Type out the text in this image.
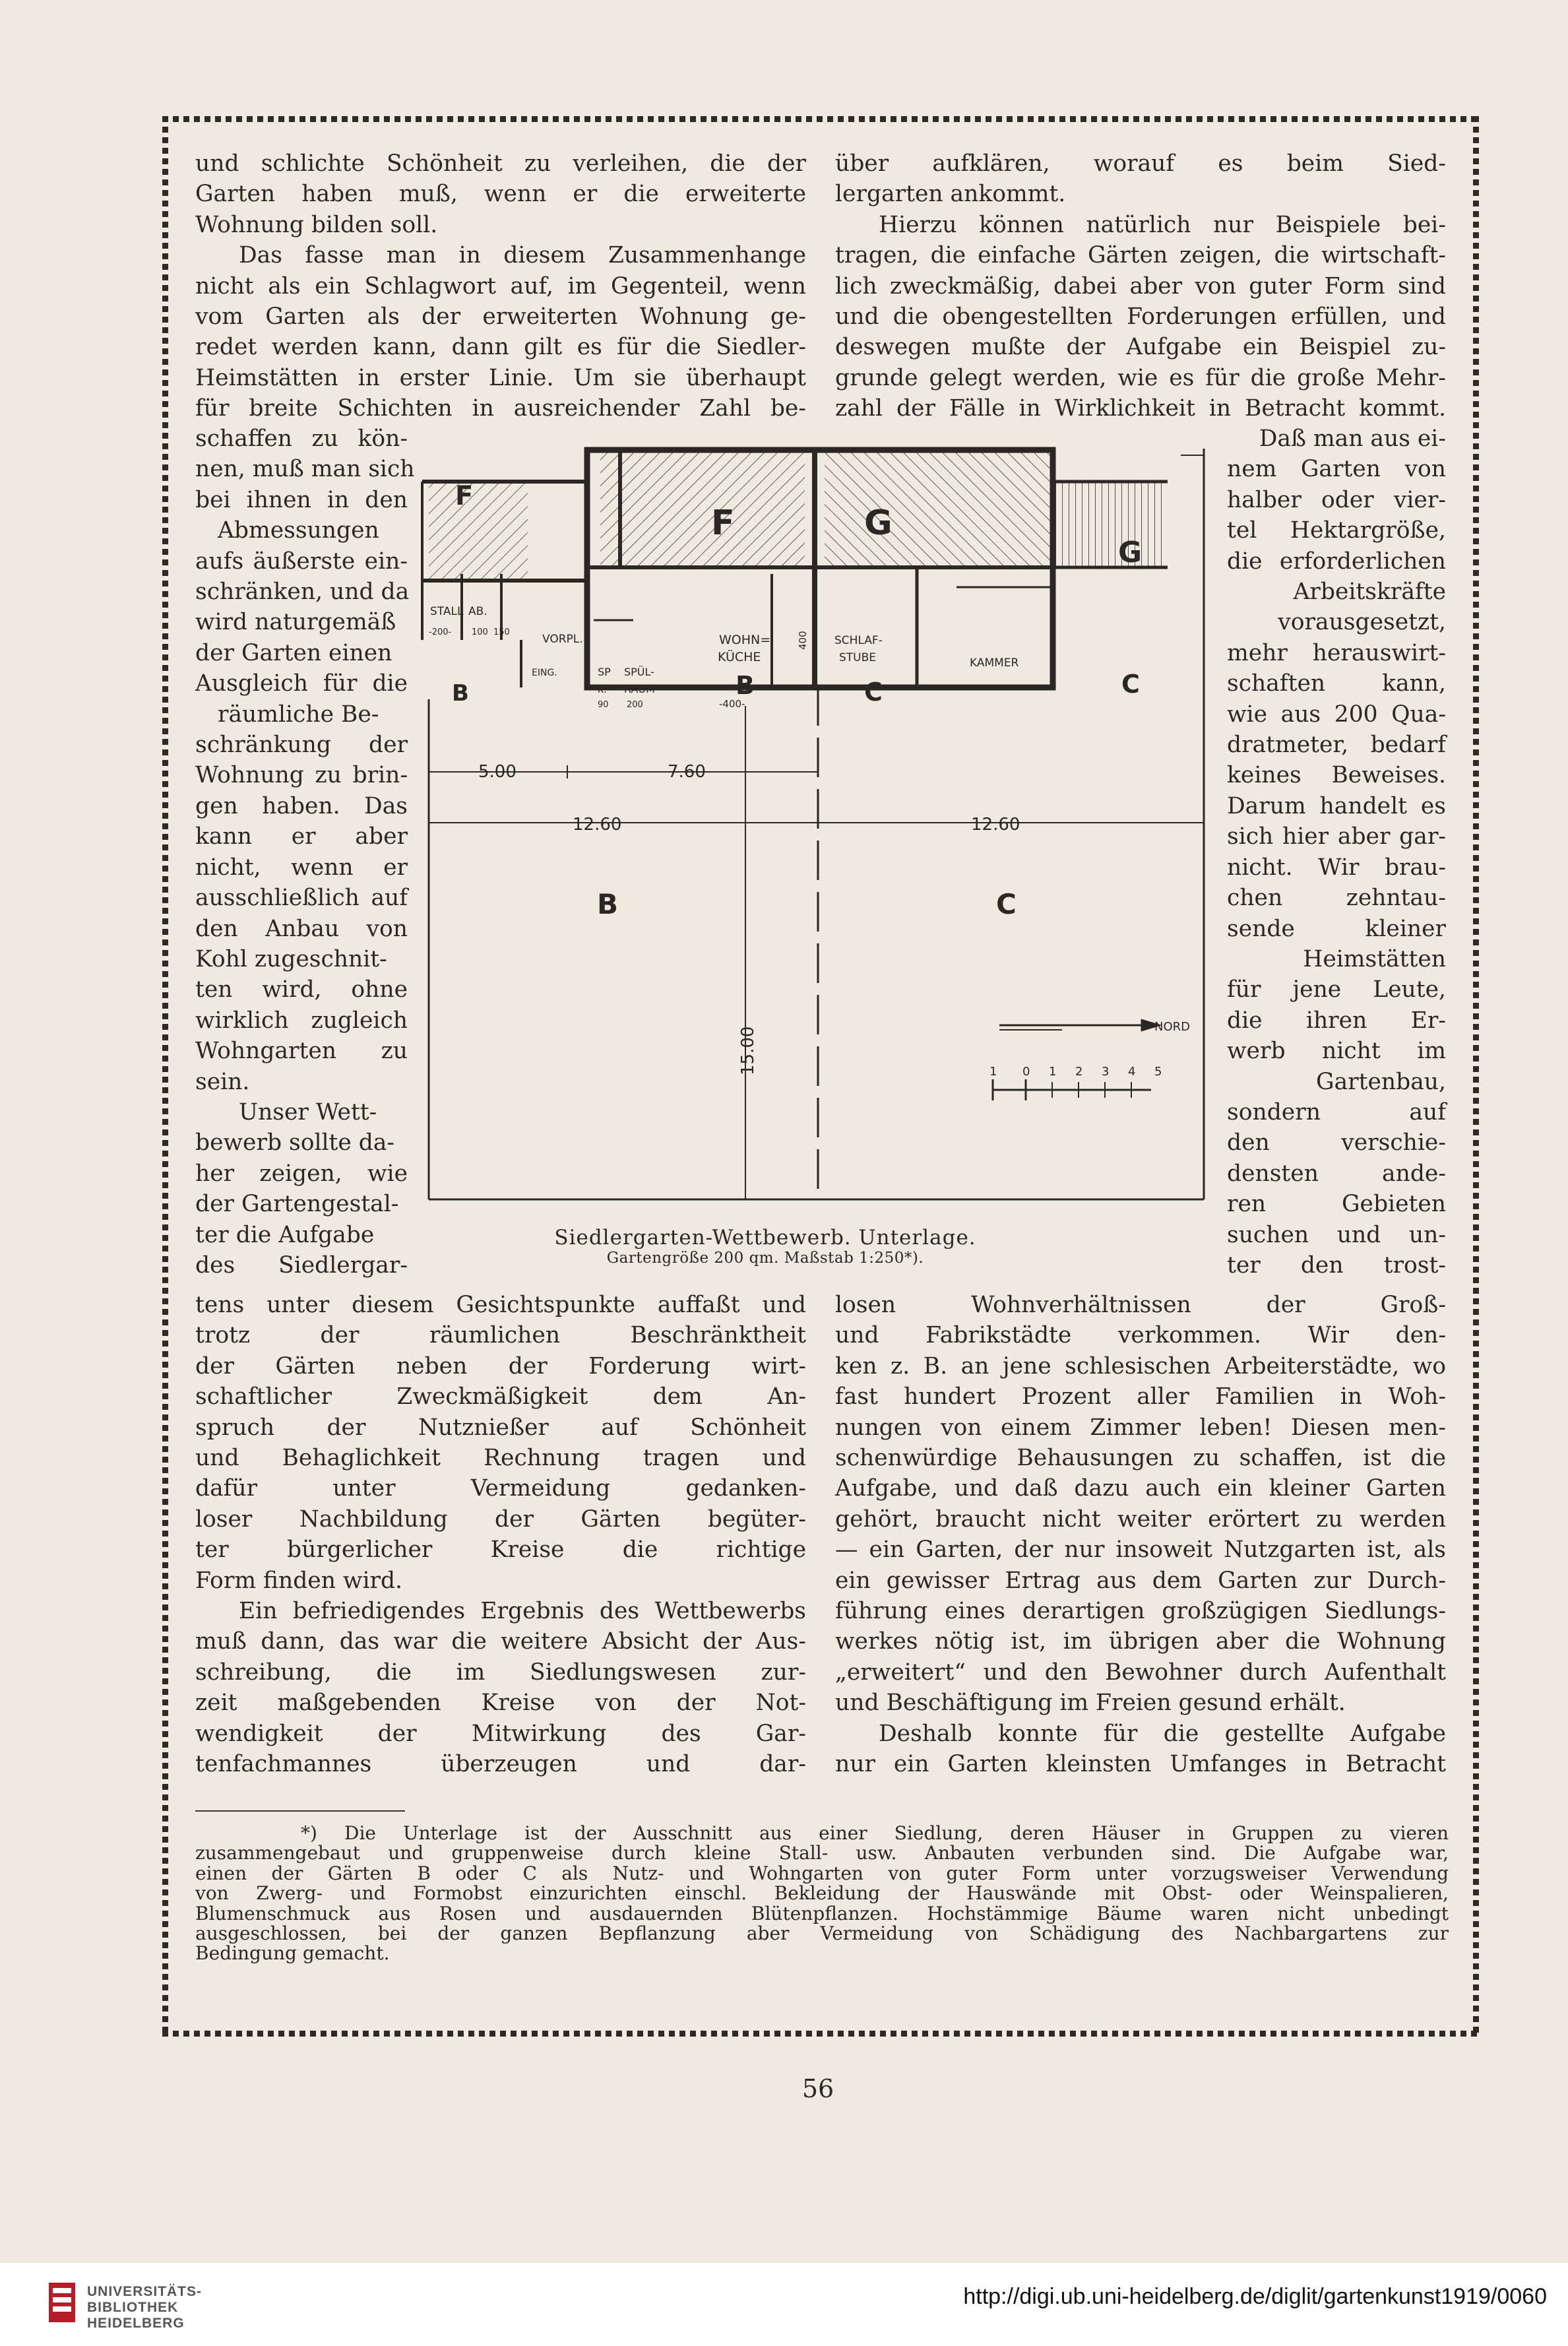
und schlichte Schönheit zu verleihen, die der

Garten haben muß, wenn er die erweiterte

Wohnung bilden soll.

Das fasse man in diesem Zusammenhange

nicht als ein Schlagwort auf, im Gegenteil, wenn

vom Garten als der erweiterten Wohnung ge-

redet werden kann, dann gilt es für die Siedler-

Heimstätten in erster Linie. Um sie überhaupt

für breite Schichten in ausreichender Zahl be-

über aufklären, worauf es beim Sied-

lergarten ankommt.

Hierzu können natürlich nur Beispiele bei-

tragen, die einfache Gärten zeigen, die wirtschaft-

lich zweckmäßig, dabei aber von guter Form sind

und die obengestellten Forderungen erfüllen, und

deswegen mußte der Aufgabe ein Beispiel zu-

grunde gelegt werden, wie es für die große Mehr-

zahl der Fälle in Wirklichkeit in Betracht kommt.

schaffen zu kön-

nen, muß man sich

bei ihnen in den

Abmessungen

aufs äußerste ein-

schränken, und da

wird naturgemäß

der Garten einen

Ausgleich für die

räumliche Be-

schränkung der

Wohnung zu brin-

gen haben. Das

kann er aber

nicht, wenn er

ausschließlich auf

den Anbau von

Kohl zugeschnit-

ten wird, ohne

wirklich zugleich

Wohngarten zu

sein.

Unser Wett-

bewerb sollte da-

her zeigen, wie

der Gartengestal-

ter die Aufgabe

des Siedlergar-

Daß man aus ei-

nem Garten von

halber oder vier-

tel Hektargröße,

die erforderlichen

Arbeitskräfte

vorausgesetzt,

mehr herauswirt-

schaften kann,

wie aus 200 Qua-

dratmeter, bedarf

keines Beweises.

Darum handelt es

sich hier aber gar-

nicht. Wir brau-

chen zehntau-

sende kleiner

Heimstätten

für jene Leute,

die ihren Er-

werb nicht im

Gartenbau,

sondern auf

den verschie-

densten ande-

ren Gebieten

suchen und un-

ter den trost-

F
F	G
G
B
B	C	C
B	C
STALL AB.
VORPL.	WOHN=
KÜCHE
SCHLAF-
STUBE	KAMMER
EING.	SP
K.
SPÜL-
RAUM
-200- 100 150
90 200	-400-
400
5.00	7.60
12.60	12.60
15.00	NORD
1 0 1 2 3 4 5
Siedlergarten-Wettbewerb. Unterlage.
Gartengröße 200 qm. Maßstab 1:250*).

tens unter diesem Gesichtspunkte auffaßt und

trotz der räumlichen Beschränktheit

der Gärten neben der Forderung wirt-

schaftlicher Zweckmäßigkeit dem An-

spruch der Nutznießer auf Schönheit

und Behaglichkeit Rechnung tragen und

dafür unter Vermeidung gedanken-

loser Nachbildung der Gärten begüter-

ter bürgerlicher Kreise die richtige

Form finden wird.

Ein befriedigendes Ergebnis des Wettbewerbs

muß dann, das war die weitere Absicht der Aus-

schreibung, die im Siedlungswesen zur-

zeit maßgebenden Kreise von der Not-

wendigkeit der Mitwirkung des Gar-

tenfachmannes überzeugen und dar-

losen Wohnverhältnissen der Groß-

und Fabrikstädte verkommen. Wir den-

ken z. B. an jene schlesischen Arbeiterstädte, wo

fast hundert Prozent aller Familien in Woh-

nungen von einem Zimmer leben! Diesen men-

schenwürdige Behausungen zu schaffen, ist die

Aufgabe, und daß dazu auch ein kleiner Garten

gehört, braucht nicht weiter erörtert zu werden

— ein Garten, der nur insoweit Nutzgarten ist, als

ein gewisser Ertrag aus dem Garten zur Durch-

führung eines derartigen großzügigen Siedlungs-

werkes nötig ist, im übrigen aber die Wohnung

„erweitert“ und den Bewohner durch Aufenthalt

und Beschäftigung im Freien gesund erhält.

Deshalb konnte für die gestellte Aufgabe

nur ein Garten kleinsten Umfanges in Betracht

*) Die Unterlage ist der Ausschnitt aus einer Siedlung, deren Häuser in Gruppen zu vieren

zusammengebaut und gruppenweise durch kleine Stall- usw. Anbauten verbunden sind. Die Aufgabe war,

einen der Gärten B oder C als Nutz- und Wohngarten von guter Form unter vorzugsweiser Verwendung

von Zwerg- und Formobst einzurichten einschl. Bekleidung der Hauswände mit Obst- oder Weinspalieren,

Blumenschmuck aus Rosen und ausdauernden Blütenpflanzen. Hochstämmige Bäume waren nicht unbedingt

ausgeschlossen, bei der ganzen Bepflanzung aber Vermeidung von Schädigung des Nachbargartens zur

Bedingung gemacht.

56
UNIVERSITÄTS-
BIBLIOTHEK
HEIDELBERG
http://digi.ub.uni-heidelberg.de/diglit/gartenkunst1919/0060
